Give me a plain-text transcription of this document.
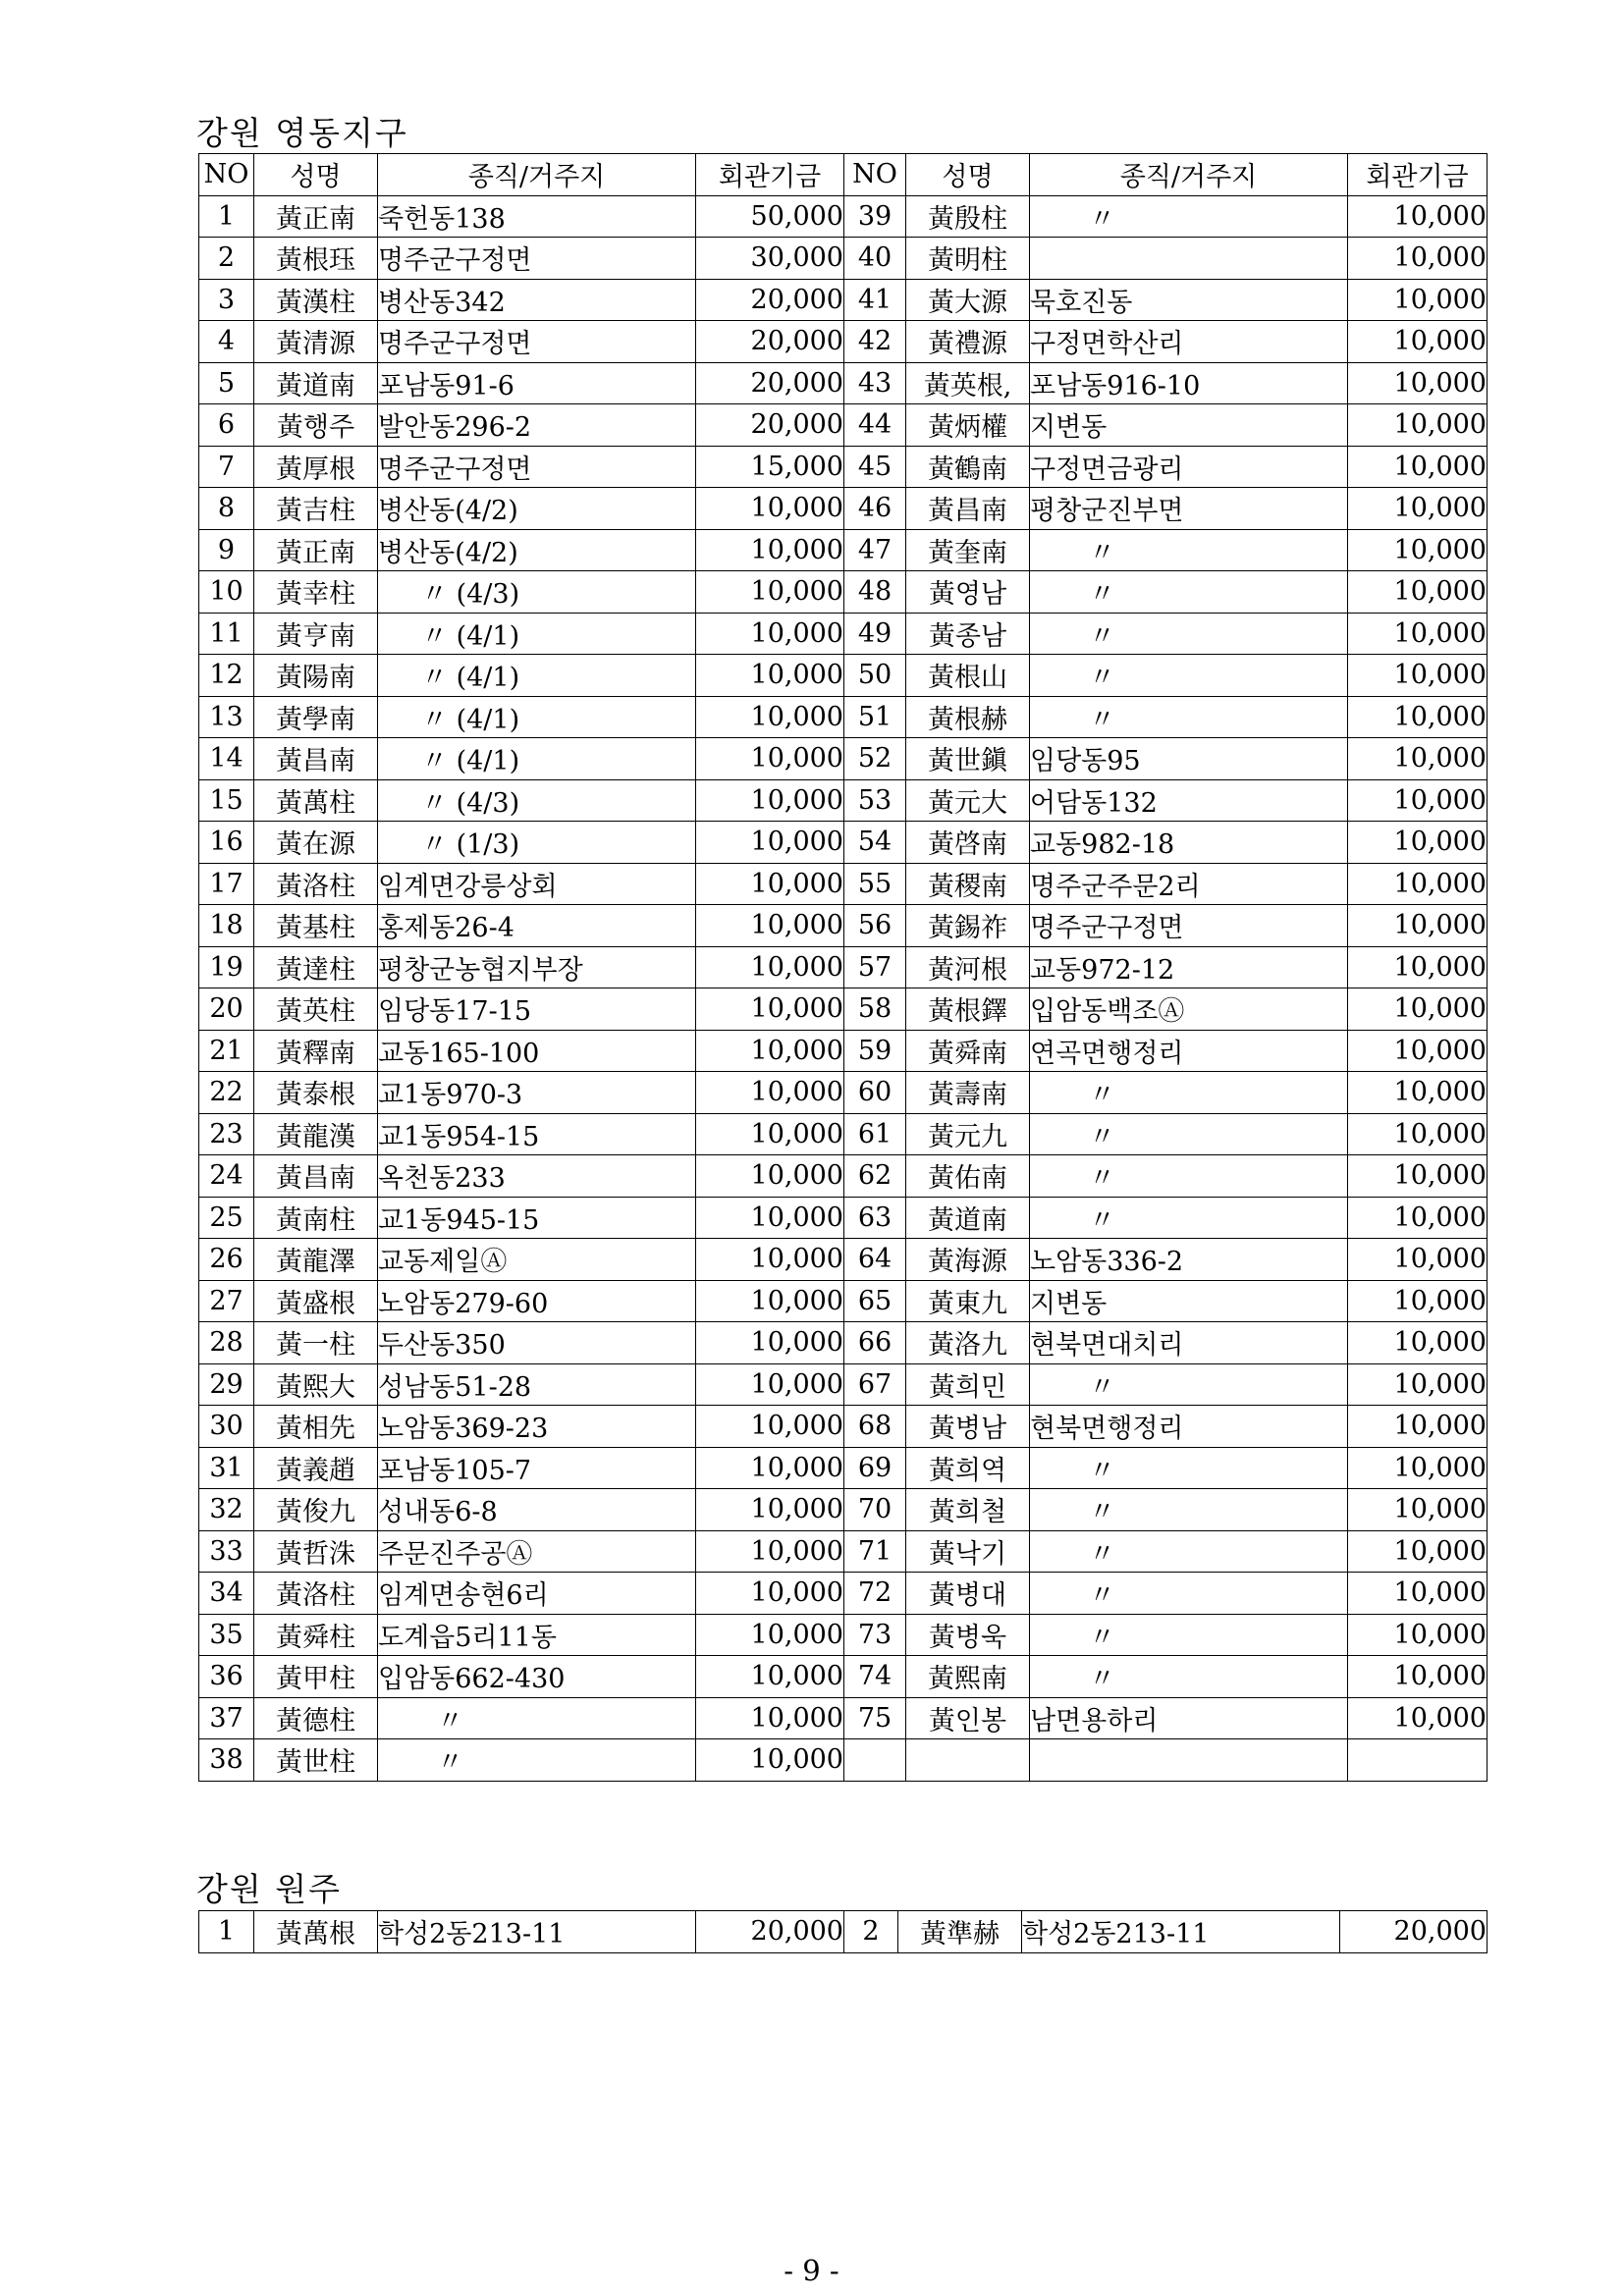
강원 영동지구
NO	성명	종직/거주지	회관기금	NO	성명	종직/거주지	회관기금
1	黃正南	죽헌동138	50,000	39	黃殷柱	〃	10,000
2	黃根珏	명주군구정면	30,000	40	黃明柱		10,000
3	黃漢柱	병산동342	20,000	41	黃大源	묵호진동	10,000
4	黃清源	명주군구정면	20,000	42	黃禮源	구정면학산리	10,000
5	黃道南	포남동91-6	20,000	43	黃英根,	포남동916-10	10,000
6	黃행주	발안동296-2	20,000	44	黃炳權	지변동	10,000
7	黃厚根	명주군구정면	15,000	45	黃鶴南	구정면금광리	10,000
8	黃吉柱	병산동(4/2)	10,000	46	黃昌南	평창군진부면	10,000
9	黃正南	병산동(4/2)	10,000	47	黃奎南	〃	10,000
10	黃幸柱	〃 (4/3)	10,000	48	黃영남	〃	10,000
11	黃亨南	〃 (4/1)	10,000	49	黃종남	〃	10,000
12	黃陽南	〃 (4/1)	10,000	50	黃根山	〃	10,000
13	黃學南	〃 (4/1)	10,000	51	黃根赫	〃	10,000
14	黃昌南	〃 (4/1)	10,000	52	黃世鎭	임당동95	10,000
15	黃萬柱	〃 (4/3)	10,000	53	黃元大	어담동132	10,000
16	黃在源	〃 (1/3)	10,000	54	黃啓南	교동982-18	10,000
17	黃洛柱	임계면강릉상회	10,000	55	黃稷南	명주군주문2리	10,000
18	黃基柱	홍제동26-4	10,000	56	黃錫祚	명주군구정면	10,000
19	黃達柱	평창군농협지부장	10,000	57	黃河根	교동972-12	10,000
20	黃英柱	임당동17-15	10,000	58	黃根鐸	입암동백조Ⓐ	10,000
21	黃釋南	교동165-100	10,000	59	黃舜南	연곡면행정리	10,000
22	黃泰根	교1동970-3	10,000	60	黃壽南	〃	10,000
23	黃龍漢	교1동954-15	10,000	61	黃元九	〃	10,000
24	黃昌南	옥천동233	10,000	62	黃佑南	〃	10,000
25	黃南柱	교1동945-15	10,000	63	黃道南	〃	10,000
26	黃龍澤	교동제일Ⓐ	10,000	64	黃海源	노암동336-2	10,000
27	黃盛根	노암동279-60	10,000	65	黃東九	지변동	10,000
28	黃一柱	두산동350	10,000	66	黃洛九	현북면대치리	10,000
29	黃熙大	성남동51-28	10,000	67	黃희민	〃	10,000
30	黃相先	노암동369-23	10,000	68	黃병남	현북면행정리	10,000
31	黃義趙	포남동105-7	10,000	69	黃희역	〃	10,000
32	黃俊九	성내동6-8	10,000	70	黃희철	〃	10,000
33	黃哲洙	주문진주공Ⓐ	10,000	71	黃낙기	〃	10,000
34	黃洛柱	임계면송현6리	10,000	72	黃병대	〃	10,000
35	黃舜柱	도계읍5리11동	10,000	73	黃병욱	〃	10,000
36	黃甲柱	입암동662-430	10,000	74	黃熙南	〃	10,000
37	黃德柱	〃	10,000	75	黃인봉	남면용하리	10,000
38	黃世柱	〃	10,000				
강원 원주
1	黃萬根	학성2동213-11	20,000	2	黃準赫	학성2동213-11	20,000
- 9 -
